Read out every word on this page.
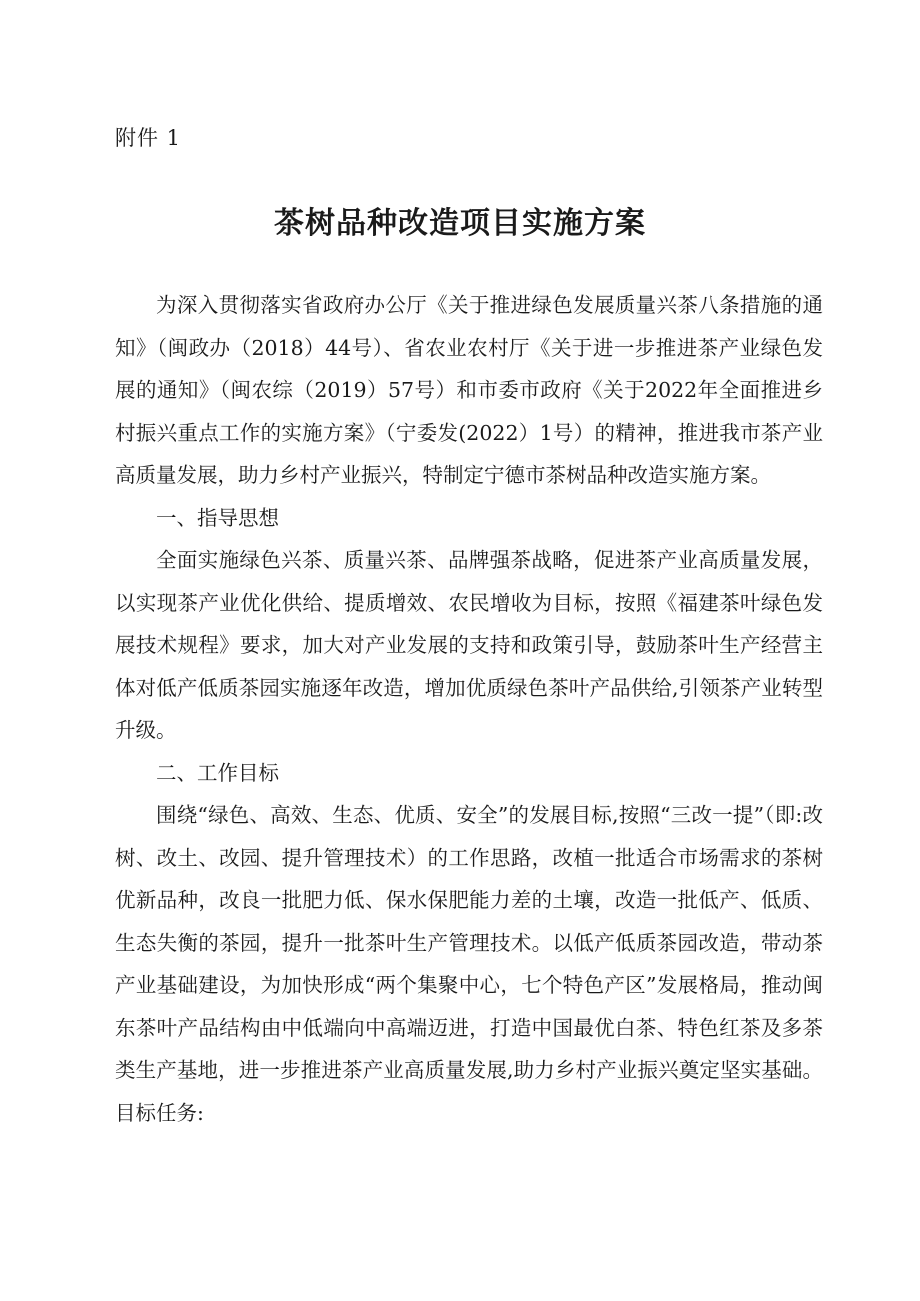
附件 1
茶树品种改造项目实施方案

为深入贯彻落实省政府办公厅《关于推进绿色发展质量兴茶八条措施的通知》（闽政办（2018）44号）、省农业农村厅《关于进一步推进茶产业绿色发展的通知》（闽农综（2019）57号）和市委市政府《关于2022年全面推进乡村振兴重点工作的实施方案》（宁委发(2022）1号）的精神，推进我市茶产业高质量发展，助力乡村产业振兴，特制定宁德市茶树品种改造实施方案。

一、指导思想

全面实施绿色兴茶、质量兴茶、品牌强茶战略，促进茶产业高质量发展，以实现茶产业优化供给、提质增效、农民增收为目标，按照《福建茶叶绿色发展技术规程》要求，加大对产业发展的支持和政策引导，鼓励茶叶生产经营主体对低产低质茶园实施逐年改造，增加优质绿色茶叶产品供给,引领茶产业转型升级。

二、工作目标

围绕“绿色、高效、生态、优质、安全”的发展目标,按照“三改一提”（即:改树、改土、改园、提升管理技术）的工作思路，改植一批适合市场需求的茶树优新品种，改良一批肥力低、保水保肥能力差的土壤，改造一批低产、低质、生态失衡的茶园，提升一批茶叶生产管理技术。以低产低质茶园改造，带动茶产业基础建设，为加快形成“两个集聚中心，七个特色产区”发展格局，推动闽东茶叶产品结构由中低端向中高端迈进，打造中国最优白茶、特色红茶及多茶类生产基地，进一步推进茶产业高质量发展,助力乡村产业振兴奠定坚实基础。目标任务:
